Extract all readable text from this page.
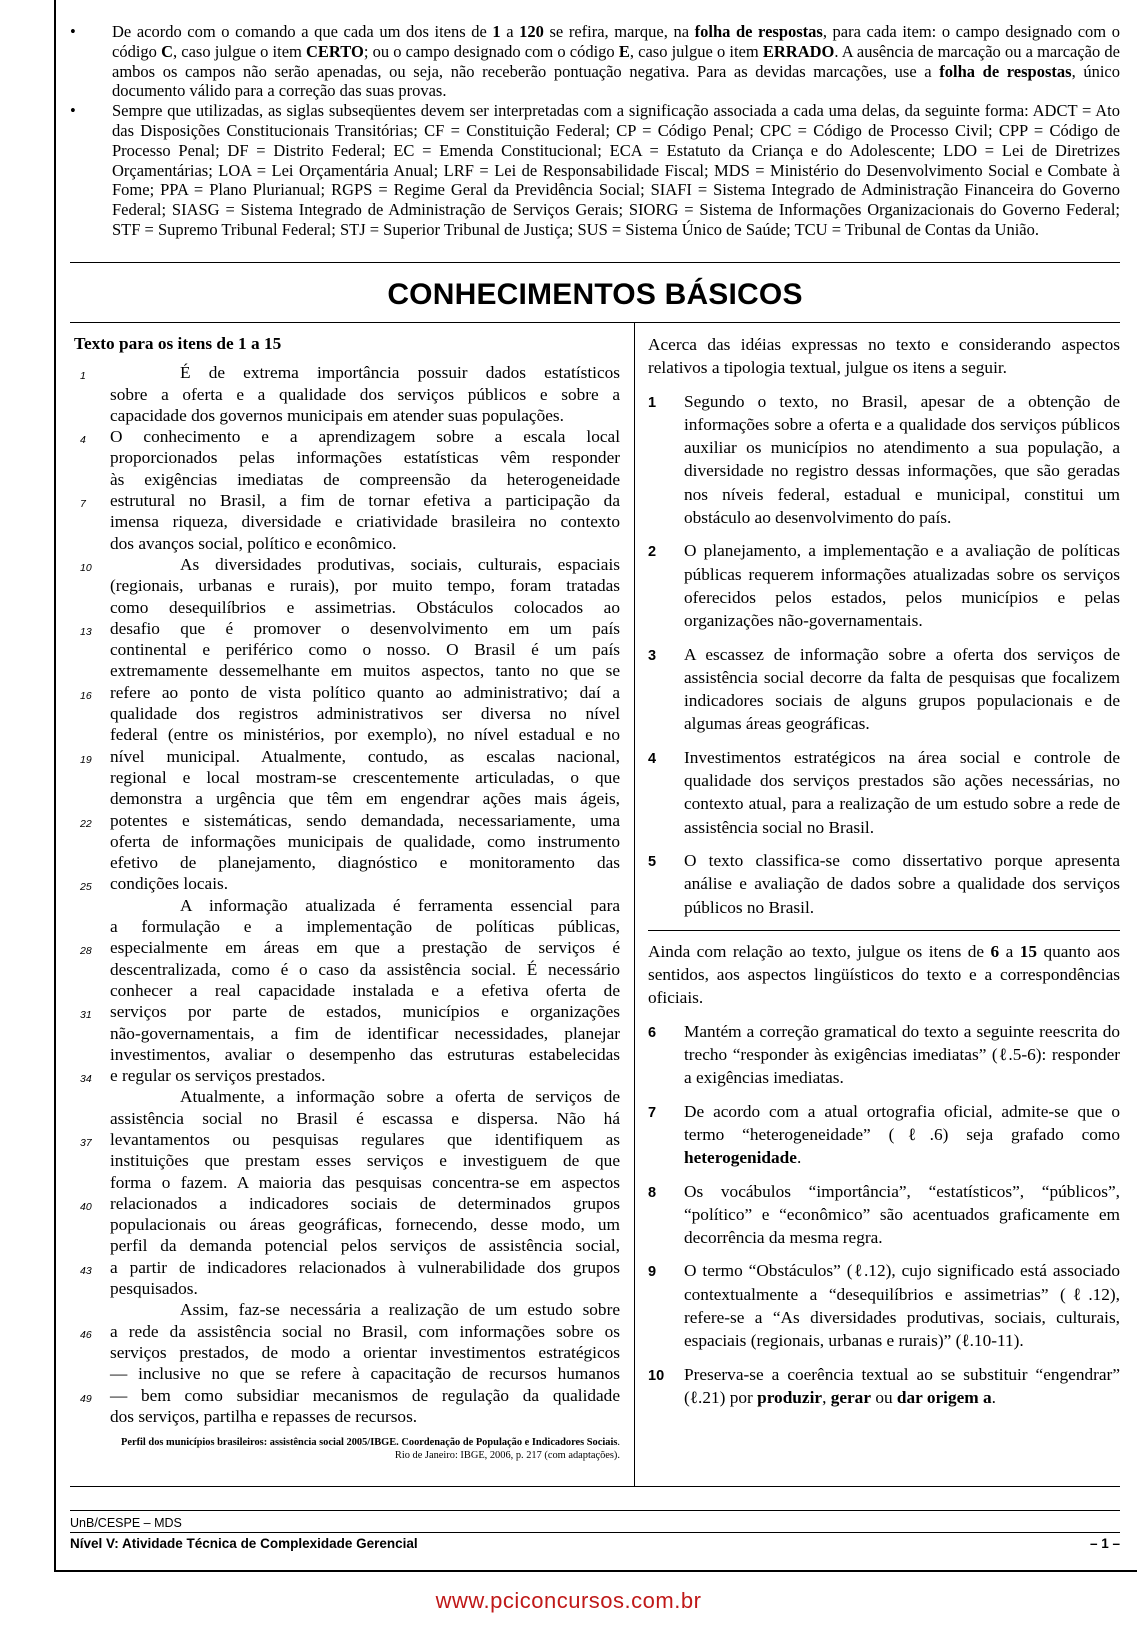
• De acordo com o comando a que cada um dos itens de 1 a 120 se refira, marque, na folha de respostas, para cada item: o campo designado com o código C, caso julgue o item CERTO; ou o campo designado com o código E, caso julgue o item ERRADO. A ausência de marcação ou a marcação de ambos os campos não serão apenadas, ou seja, não receberão pontuação negativa. Para as devidas marcações, use a folha de respostas, único documento válido para a correção das suas provas.
• Sempre que utilizadas, as siglas subseqüentes devem ser interpretadas com a significação associada a cada uma delas, da seguinte forma: ADCT = Ato das Disposições Constitucionais Transitórias; CF = Constituição Federal; CP = Código Penal; CPC = Código de Processo Civil; CPP = Código de Processo Penal; DF = Distrito Federal; EC = Emenda Constitucional; ECA = Estatuto da Criança e do Adolescente; LDO = Lei de Diretrizes Orçamentárias; LOA = Lei Orçamentária Anual; LRF = Lei de Responsabilidade Fiscal; MDS = Ministério do Desenvolvimento Social e Combate à Fome; PPA = Plano Plurianual; RGPS = Regime Geral da Previdência Social; SIAFI = Sistema Integrado de Administração Financeira do Governo Federal; SIASG = Sistema Integrado de Administração de Serviços Gerais; SIORG = Sistema de Informações Organizacionais do Governo Federal; STF = Supremo Tribunal Federal; STJ = Superior Tribunal de Justiça; SUS = Sistema Único de Saúde; TCU = Tribunal de Contas da União.
CONHECIMENTOS BÁSICOS
Texto para os itens de 1 a 15
1	É de extrema importância possuir dados estatísticos
sobre a oferta e a qualidade dos serviços públicos e sobre a
capacidade dos governos municipais em atender suas populações.
4 O conhecimento e a aprendizagem sobre a escala local
proporcionados pelas informações estatísticas vêm responder
às exigências imediatas de compreensão da heterogeneidade
7 estrutural no Brasil, a fim de tornar efetiva a participação da
imensa riqueza, diversidade e criatividade brasileira no contexto
dos avanços social, político e econômico.
10	As diversidades produtivas, sociais, culturais, espaciais
(regionais, urbanas e rurais), por muito tempo, foram tratadas
como desequilíbrios e assimetrias. Obstáculos colocados ao
13 desafio que é promover o desenvolvimento em um país
continental e periférico como o nosso. O Brasil é um país
extremamente dessemelhante em muitos aspectos, tanto no que se
16 refere ao ponto de vista político quanto ao administrativo; daí a
qualidade dos registros administrativos ser diversa no nível
federal (entre os ministérios, por exemplo), no nível estadual e no
19 nível municipal. Atualmente, contudo, as escalas nacional,
regional e local mostram-se crescentemente articuladas, o que
demonstra a urgência que têm em engendrar ações mais ágeis,
22 potentes e sistemáticas, sendo demandada, necessariamente, uma
oferta de informações municipais de qualidade, como instrumento
efetivo de planejamento, diagnóstico e monitoramento das
25 condições locais.
A informação atualizada é ferramenta essencial para
a formulação e a implementação de políticas públicas,
28 especialmente em áreas em que a prestação de serviços é
descentralizada, como é o caso da assistência social. É necessário
conhecer a real capacidade instalada e a efetiva oferta de
31 serviços por parte de estados, municípios e organizações
não-governamentais, a fim de identificar necessidades, planejar
investimentos, avaliar o desempenho das estruturas estabelecidas
34 e regular os serviços prestados.
Atualmente, a informação sobre a oferta de serviços de
assistência social no Brasil é escassa e dispersa. Não há
37 levantamentos ou pesquisas regulares que identifiquem as
instituições que prestam esses serviços e investiguem de que
forma o fazem. A maioria das pesquisas concentra-se em aspectos
40 relacionados a indicadores sociais de determinados grupos
populacionais ou áreas geográficas, fornecendo, desse modo, um
perfil da demanda potencial pelos serviços de assistência social,
43 a partir de indicadores relacionados à vulnerabilidade dos grupos
pesquisados.
Assim, faz-se necessária a realização de um estudo sobre
46 a rede da assistência social no Brasil, com informações sobre os
serviços prestados, de modo a orientar investimentos estratégicos
— inclusive no que se refere à capacitação de recursos humanos
49 — bem como subsidiar mecanismos de regulação da qualidade
dos serviços, partilha e repasses de recursos.
Perfil dos municípios brasileiros: assistência social 2005/IBGE. Coordenação de População e Indicadores Sociais. Rio de Janeiro: IBGE, 2006, p. 217 (com adaptações).

Acerca das idéias expressas no texto e considerando aspectos relativos a tipologia textual, julgue os itens a seguir.

1 Segundo o texto, no Brasil, apesar de a obtenção de informações sobre a oferta e a qualidade dos serviços públicos auxiliar os municípios no atendimento a sua população, a diversidade no registro dessas informações, que são geradas nos níveis federal, estadual e municipal, constitui um obstáculo ao desenvolvimento do país.
2 O planejamento, a implementação e a avaliação de políticas públicas requerem informações atualizadas sobre os serviços oferecidos pelos estados, pelos municípios e pelas organizações não-governamentais.
3 A escassez de informação sobre a oferta dos serviços de assistência social decorre da falta de pesquisas que focalizem indicadores sociais de alguns grupos populacionais e de algumas áreas geográficas.
4 Investimentos estratégicos na área social e controle de qualidade dos serviços prestados são ações necessárias, no contexto atual, para a realização de um estudo sobre a rede de assistência social no Brasil.
5 O texto classifica-se como dissertativo porque apresenta análise e avaliação de dados sobre a qualidade dos serviços públicos no Brasil.

Ainda com relação ao texto, julgue os itens de 6 a 15 quanto aos sentidos, aos aspectos lingüísticos do texto e a correspondências oficiais.

6 Mantém a correção gramatical do texto a seguinte reescrita do trecho “responder às exigências imediatas” (ℓ.5-6): responder a exigências imediatas.
7 De acordo com a atual ortografia oficial, admite-se que o termo “heterogeneidade” (ℓ.6) seja grafado como heterogenidade.
8 Os vocábulos “importância”, “estatísticos”, “públicos”, “político” e “econômico” são acentuados graficamente em decorrência da mesma regra.
9 O termo “Obstáculos” (ℓ.12), cujo significado está associado contextualmente a “desequilíbrios e assimetrias” (ℓ.12), refere-se a “As diversidades produtivas, sociais, culturais, espaciais (regionais, urbanas e rurais)” (ℓ.10-11).
10 Preserva-se a coerência textual ao se substituir “engendrar” (ℓ.21) por produzir, gerar ou dar origem a.
UnB/CESPE – MDS
Nível V: Atividade Técnica de Complexidade Gerencial	– 1 –
www.pciconcursos.com.br
